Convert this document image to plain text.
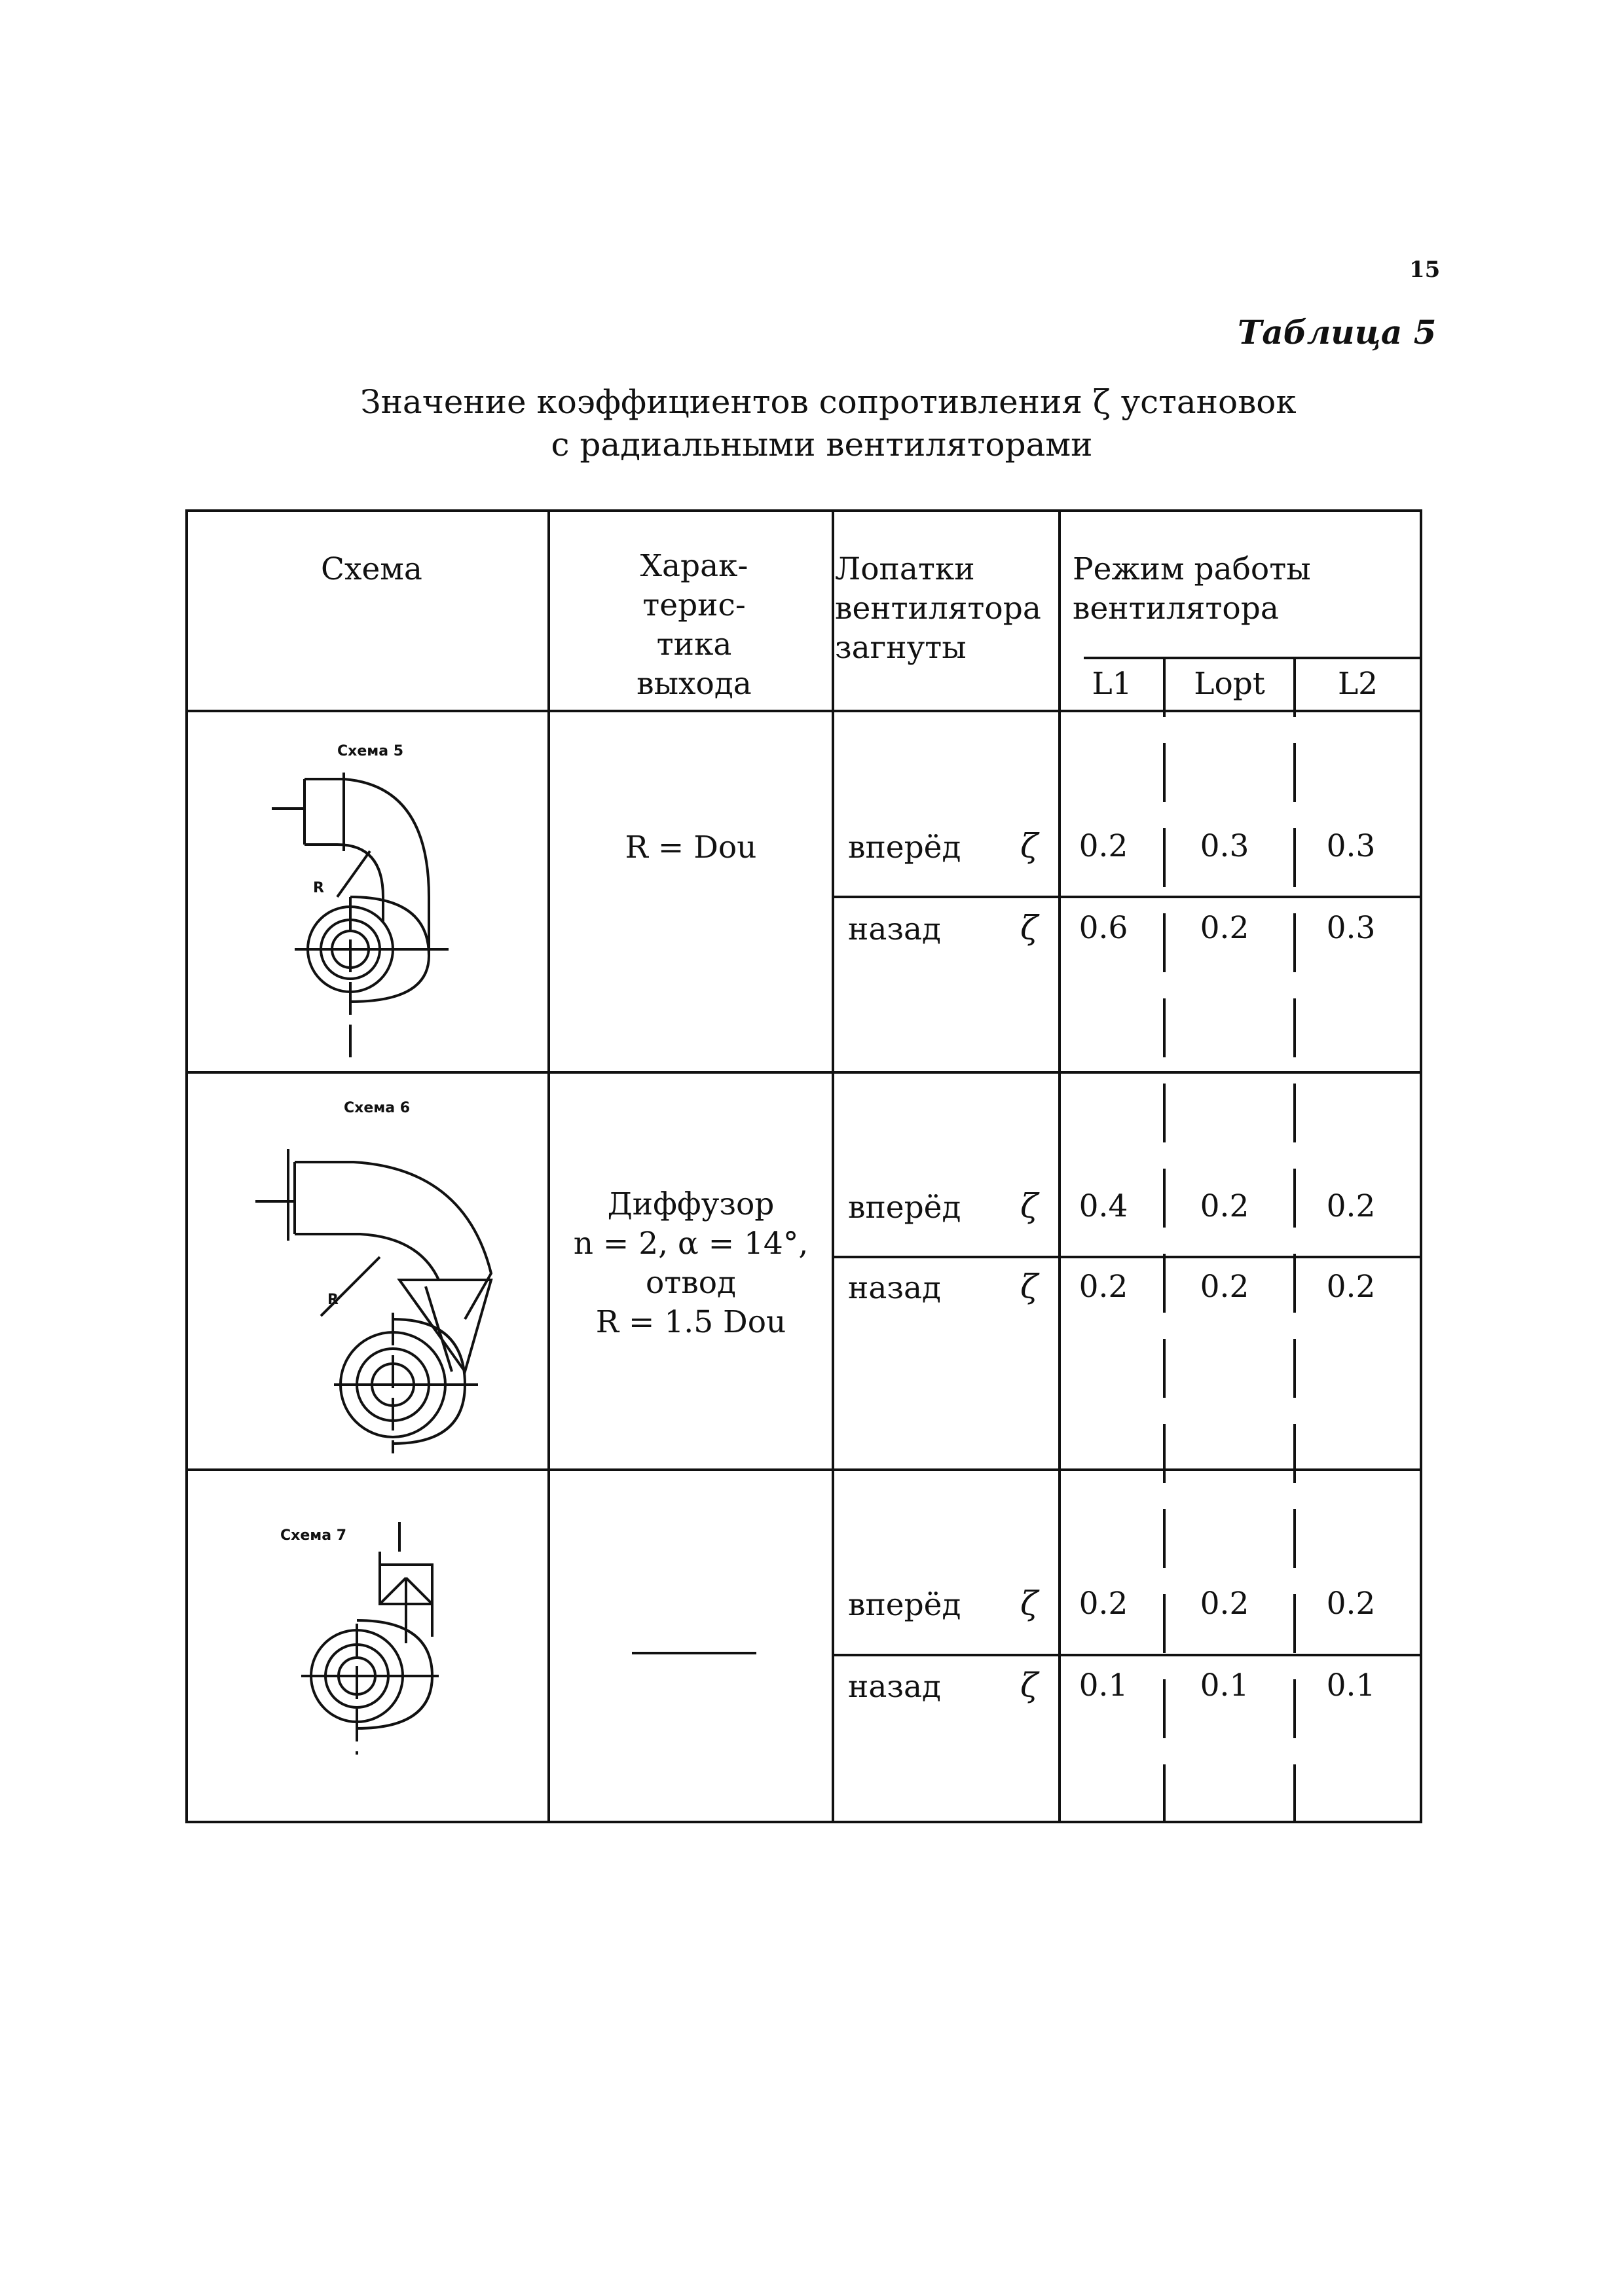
15
Таблица 5
Значение коэффициентов сопротивления ζ установок
с радиальными вентиляторами
Схема	Харак-
терис-
тика
выхода
Лопатки
вентилятора
загнуты
Режим работы
вентилятора
L1	Lopt	L2
Схема 5
R
R = Dou	вперёд ζ	0.2	0.3	0.3
назад ζ	0.6	0.2	0.3
Схема 6
R
Диффузор
n = 2, α = 14°,
отвод
R = 1.5 Dou
вперёд ζ	0.4	0.2	0.2
назад ζ	0.2	0.2	0.2
Схема 7
вперёд ζ	0.2	0.2	0.2
назад ζ	0.1	0.1	0.1
